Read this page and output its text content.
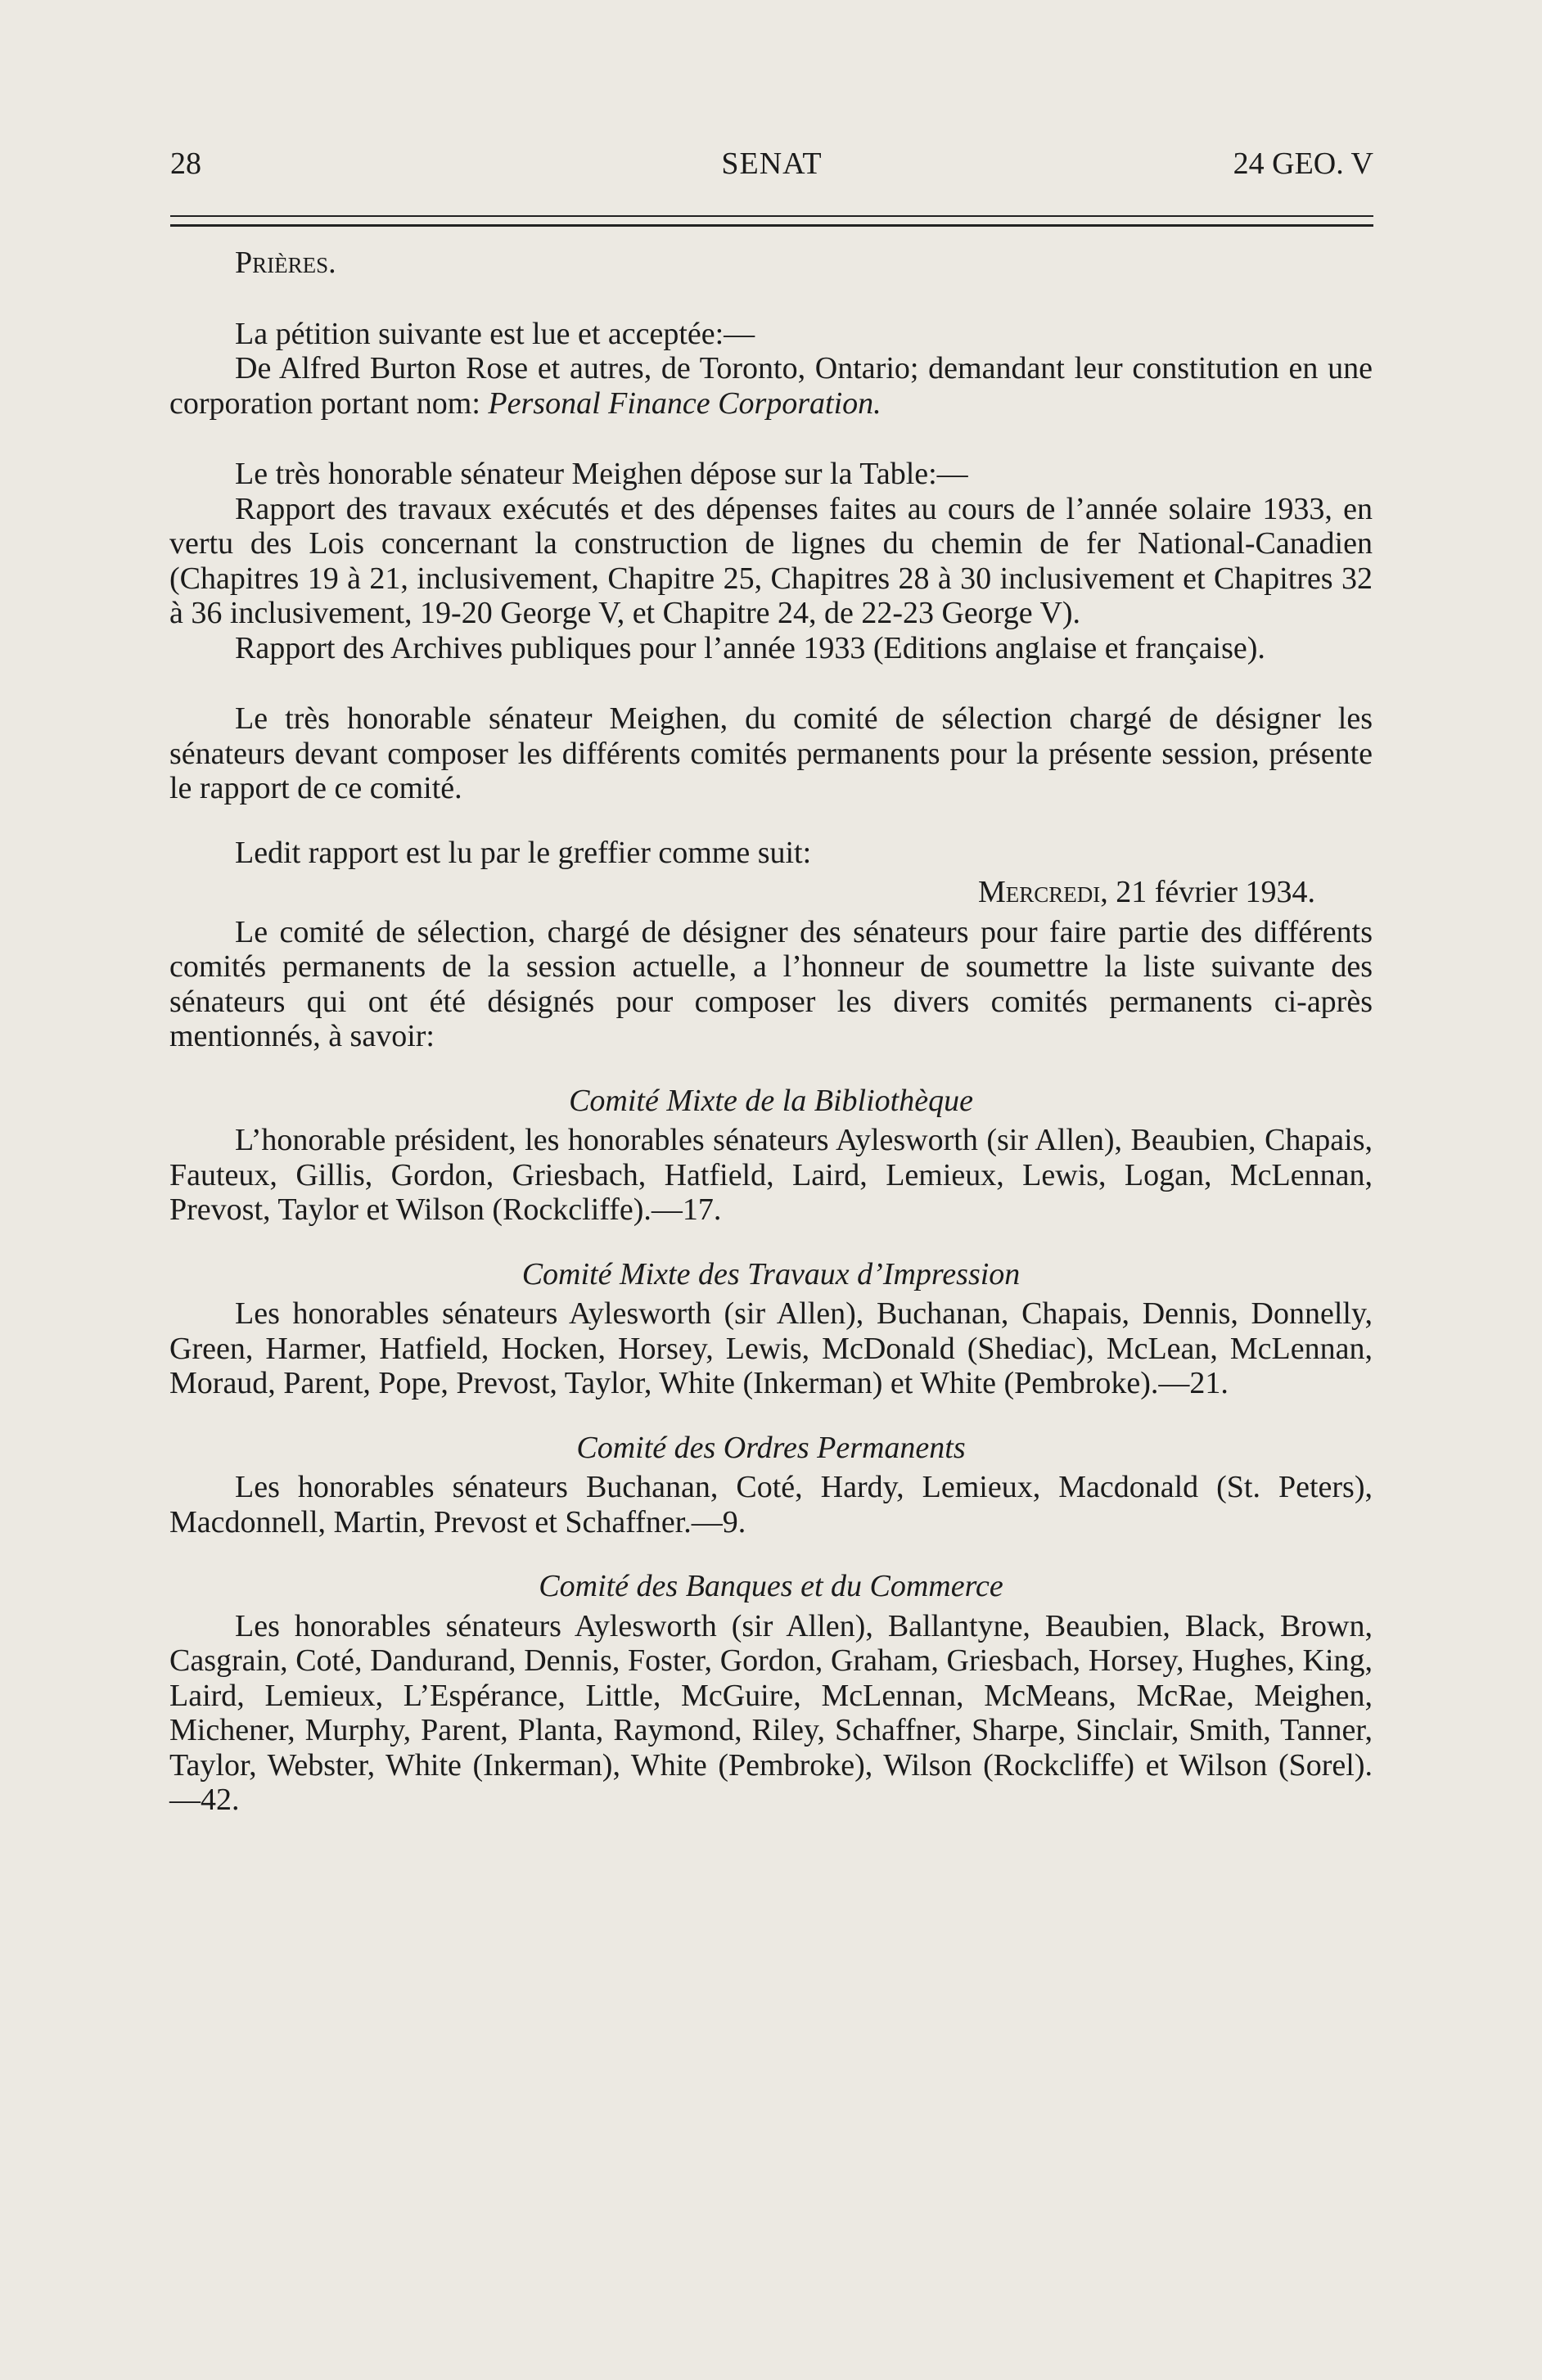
28	SENAT	24 GEO. V

Prières.

La pétition suivante est lue et acceptée:—

De Alfred Burton Rose et autres, de Toronto, Ontario; demandant leur constitution en une corporation portant nom: Personal Finance Corporation.

Le très honorable sénateur Meighen dépose sur la Table:—

Rapport des travaux exécutés et des dépenses faites au cours de l’année solaire 1933, en vertu des Lois concernant la construction de lignes du chemin de fer National-Canadien (Chapitres 19 à 21, inclusivement, Chapitre 25, Chapitres 28 à 30 inclusivement et Chapitres 32 à 36 inclusivement, 19-20 George V, et Chapitre 24, de 22-23 George V).

Rapport des Archives publiques pour l’année 1933 (Editions anglaise et française).

Le très honorable sénateur Meighen, du comité de sélection chargé de désigner les sénateurs devant composer les différents comités permanents pour la présente session, présente le rapport de ce comité.

Ledit rapport est lu par le greffier comme suit:

Mercredi, 21 février 1934.

Le comité de sélection, chargé de désigner des sénateurs pour faire partie des différents comités permanents de la session actuelle, a l’honneur de soumettre la liste suivante des sénateurs qui ont été désignés pour composer les divers comités permanents ci-après mentionnés, à savoir:

Comité Mixte de la Bibliothèque

L’honorable président, les honorables sénateurs Aylesworth (sir Allen), Beaubien, Chapais, Fauteux, Gillis, Gordon, Griesbach, Hatfield, Laird, Lemieux, Lewis, Logan, McLennan, Prevost, Taylor et Wilson (Rockcliffe).—17.

Comité Mixte des Travaux d’Impression

Les honorables sénateurs Aylesworth (sir Allen), Buchanan, Chapais, Dennis, Donnelly, Green, Harmer, Hatfield, Hocken, Horsey, Lewis, McDonald (Shediac), McLean, McLennan, Moraud, Parent, Pope, Prevost, Taylor, White (Inkerman) et White (Pembroke).—21.

Comité des Ordres Permanents

Les honorables sénateurs Buchanan, Coté, Hardy, Lemieux, Macdonald (St. Peters), Macdonnell, Martin, Prevost et Schaffner.—9.

Comité des Banques et du Commerce

Les honorables sénateurs Aylesworth (sir Allen), Ballantyne, Beaubien, Black, Brown, Casgrain, Coté, Dandurand, Dennis, Foster, Gordon, Graham, Griesbach, Horsey, Hughes, King, Laird, Lemieux, L’Espérance, Little, McGuire, McLennan, McMeans, McRae, Meighen, Michener, Murphy, Parent, Planta, Raymond, Riley, Schaffner, Sharpe, Sinclair, Smith, Tanner, Taylor, Webster, White (Inkerman), White (Pembroke), Wilson (Rockcliffe) et Wilson (Sorel). —42.
